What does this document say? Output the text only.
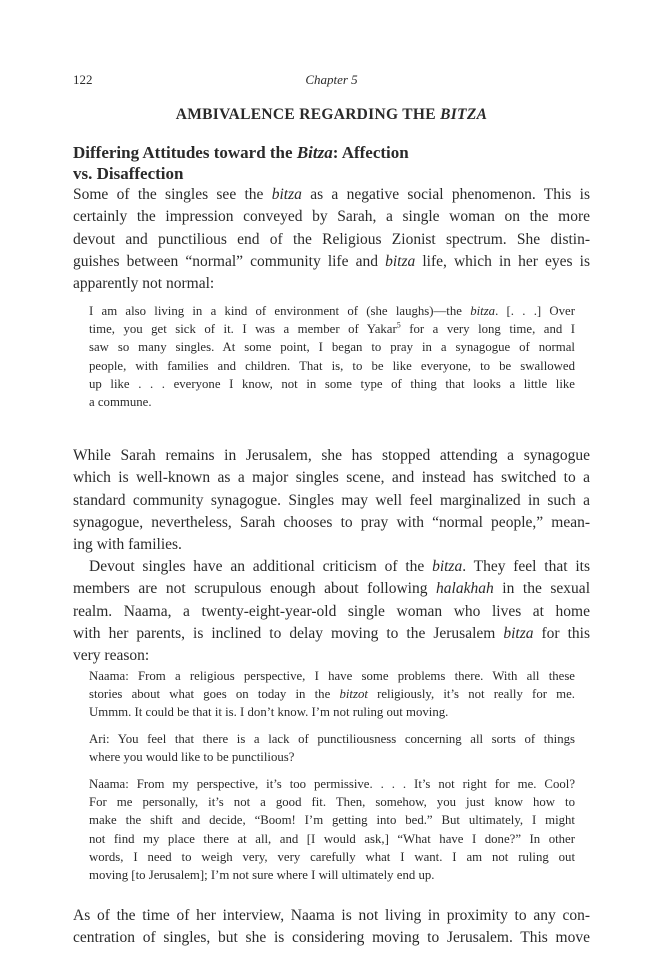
122	Chapter 5
AMBIVALENCE REGARDING THE BITZA
Differing Attitudes toward the Bitza: Affection
vs. Disaffection
Some of the singles see the bitza as a negative social phenomenon. This is
certainly the impression conveyed by Sarah, a single woman on the more
devout and punctilious end of the Religious Zionist spectrum. She distin-
guishes between “normal” community life and bitza life, which in her eyes is
apparently not normal:
I am also living in a kind of environment of (she laughs)—the bitza. [. . .] Over
time, you get sick of it. I was a member of Yakar$^5$ for a very long time, and I
saw so many singles. At some point, I began to pray in a synagogue of normal
people, with families and children. That is, to be like everyone, to be swallowed
up like . . . everyone I know, not in some type of thing that looks a little like
a commune.
While Sarah remains in Jerusalem, she has stopped attending a synagogue
which is well-known as a major singles scene, and instead has switched to a
standard community synagogue. Singles may well feel marginalized in such a
synagogue, nevertheless, Sarah chooses to pray with “normal people,” mean-
ing with families.
Devout singles have an additional criticism of the bitza. They feel that its
members are not scrupulous enough about following halakhah in the sexual
realm. Naama, a twenty-eight-year-old single woman who lives at home
with her parents, is inclined to delay moving to the Jerusalem bitza for this
very reason:
Naama: From a religious perspective, I have some problems there. With all these
stories about what goes on today in the bitzot religiously, it’s not really for me.
Ummm. It could be that it is. I don’t know. I’m not ruling out moving.
Ari: You feel that there is a lack of punctiliousness concerning all sorts of things
where you would like to be punctilious?
Naama: From my perspective, it’s too permissive. . . . It’s not right for me. Cool?
For me personally, it’s not a good fit. Then, somehow, you just know how to
make the shift and decide, “Boom! I’m getting into bed.” But ultimately, I might
not find my place there at all, and [I would ask,] “What have I done?” In other
words, I need to weigh very, very carefully what I want. I am not ruling out
moving [to Jerusalem]; I’m not sure where I will ultimately end up.
As of the time of her interview, Naama is not living in proximity to any con-
centration of singles, but she is considering moving to Jerusalem. This move
